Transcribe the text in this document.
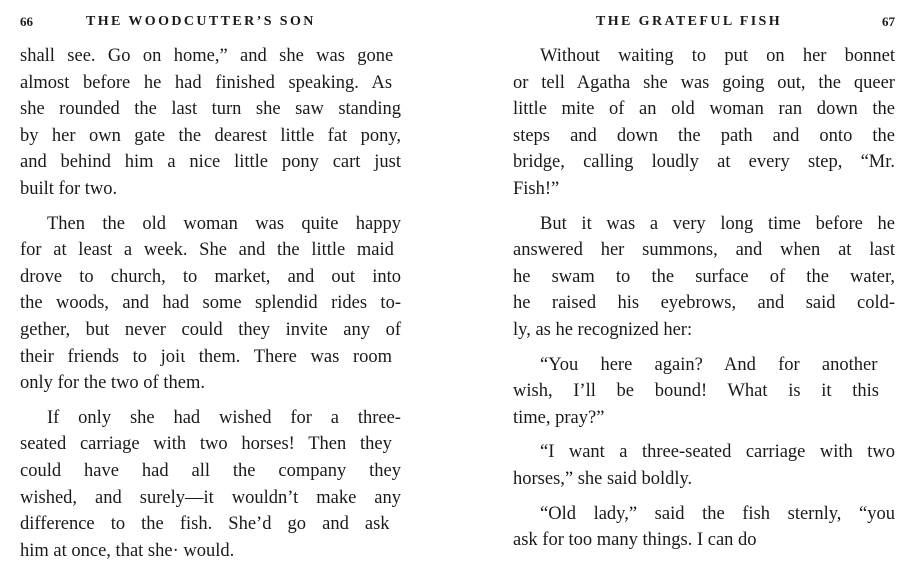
66	THE WOODCUTTER’S SON
shall see. Go on home,” and she was gone
almost before he had finished speaking. As
she rounded the last turn she saw standing
by her own gate the dearest little fat pony,
and behind him a nice little pony cart just
built for two.
Then the old woman was quite happy
for at least a week. She and the little maid
drove to church, to market, and out into
the woods, and had some splendid rides to-
gether, but never could they invite any of
their friends to joiɩ them. There was room
only for the two of them.
If only she had wished for a three-
seated carriage with two horses! Then they
could have had all the company they
wished, and surely—it wouldn’t make any
difference to the fish. She’d go and ask
him at once, that she· would.
THE GRATEFUL FISH	67
Without waiting to put on her bonnet
or tell Agatha she was going out, the queer
little mite of an old woman ran down the
steps and down the path and onto the
bridge, calling loudly at every step, “Mr.
Fish!”
But it was a very long time before he
answered her summons, and when at last
he swam to the surface of the water,
he raised his eyebrows, and said cold-
ly, as he recognized her:
“You here again? And for another
wish, I’ll be bound! What is it this
time, pray?”
“I want a three-seated carriage with two
horses,” she said boldly.
“Old lady,” said the fish sternly, “you
ask for too many things. I can do
